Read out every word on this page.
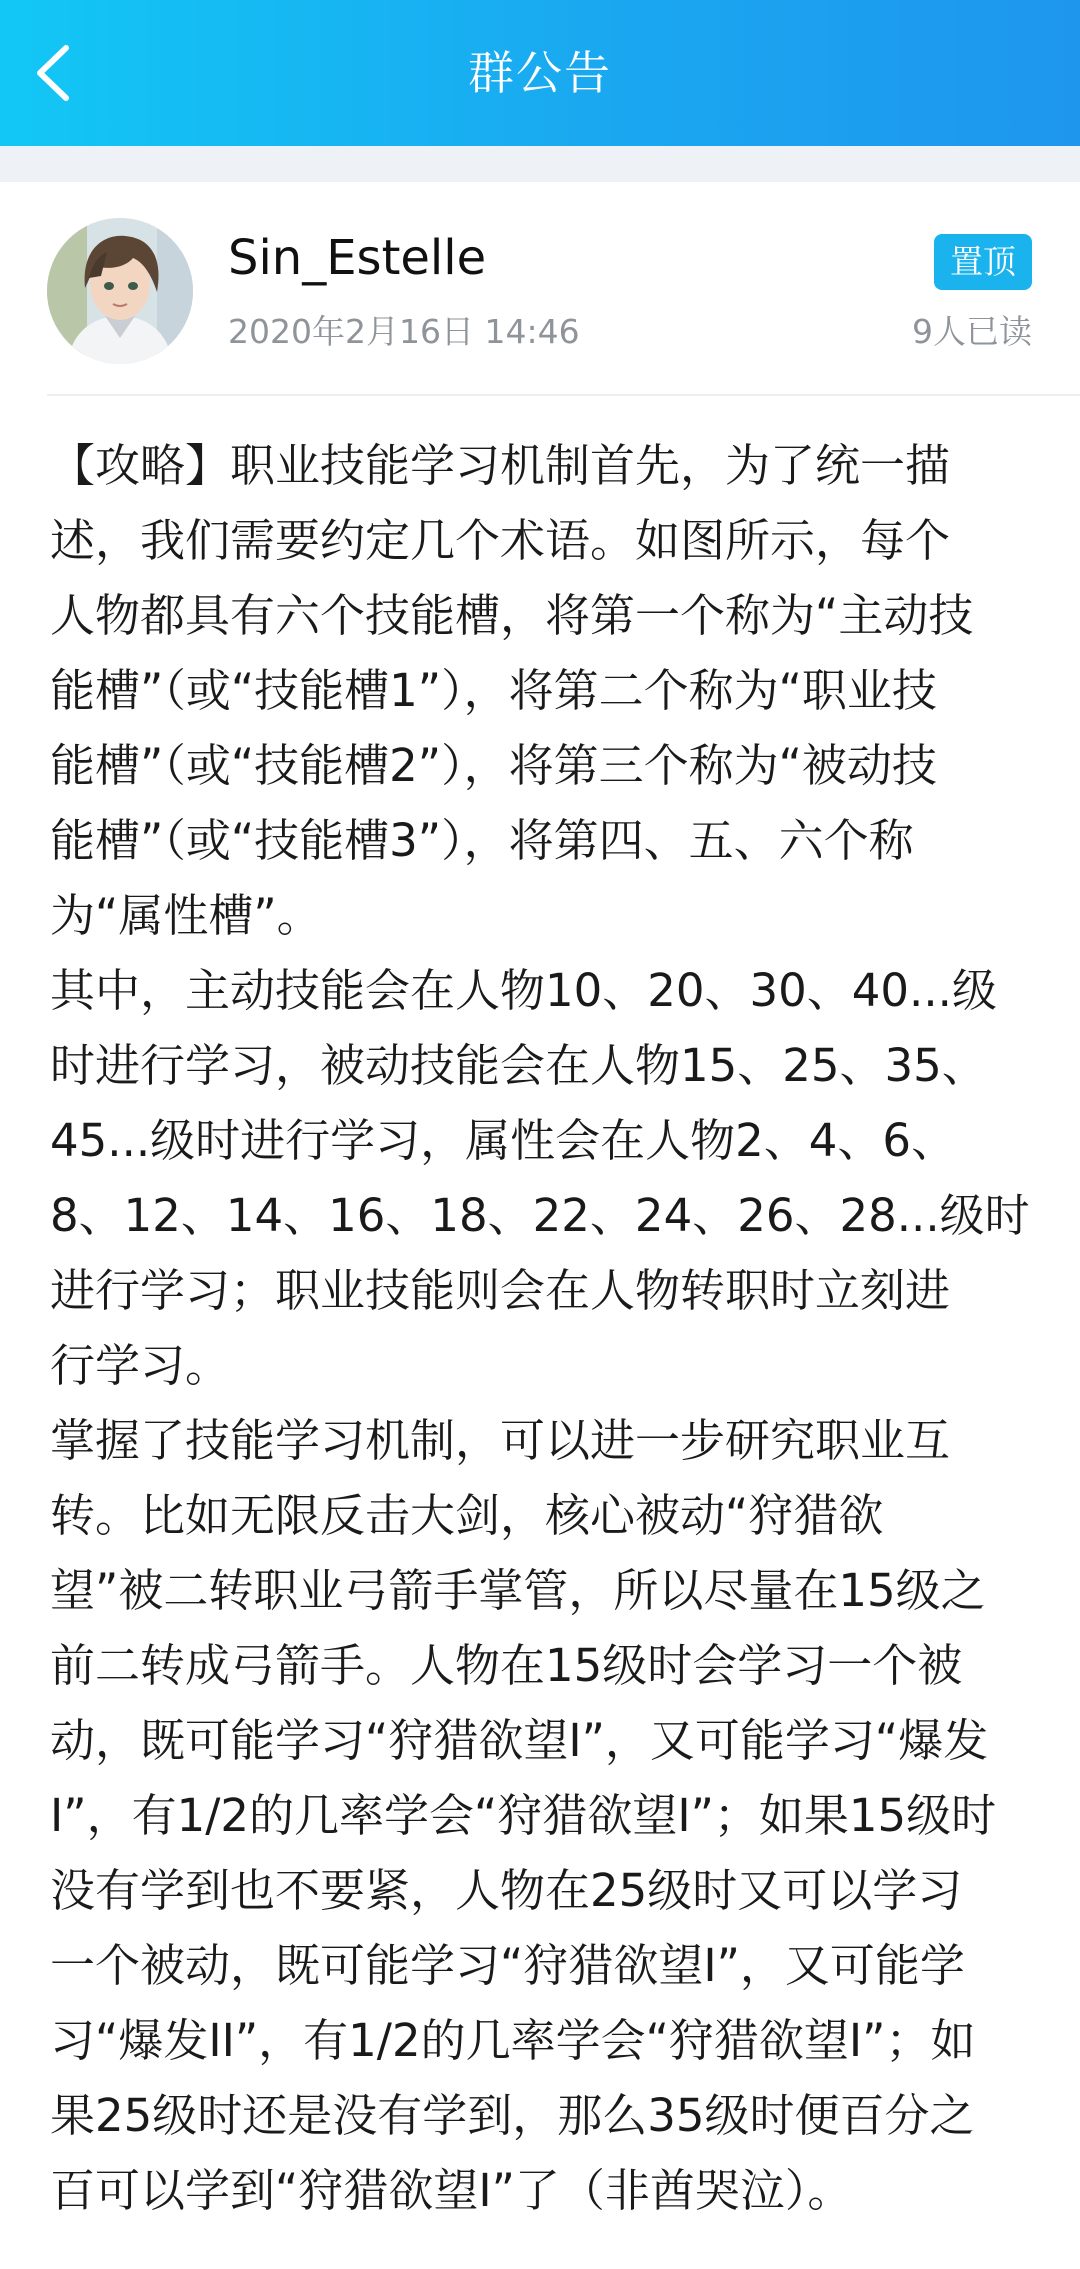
群公告
Sin_Estelle
2020年2月16日 14:46
置顶
9人已读

【攻略】职业技能学习机制首先，为了统一描
述，我们需要约定几个术语。如图所示，每个
人物都具有六个技能槽，将第一个称为“主动技
能槽”（或“技能槽1”），将第二个称为“职业技
能槽”（或“技能槽2”），将第三个称为“被动技
能槽”（或“技能槽3”），将第四、五、六个称
为“属性槽”。

其中，主动技能会在人物10、20、30、40...级
时进行学习，被动技能会在人物15、25、35、
45...级时进行学习，属性会在人物2、4、6、
8、12、14、16、18、22、24、26、28...级时
进行学习；职业技能则会在人物转职时立刻进
行学习。

掌握了技能学习机制，可以进一步研究职业互
转。比如无限反击大剑，核心被动“狩猎欲
望”被二转职业弓箭手掌管，所以尽量在15级之
前二转成弓箭手。人物在15级时会学习一个被
动，既可能学习“狩猎欲望I”，又可能学习“爆发
I”，有1/2的几率学会“狩猎欲望I”；如果15级时
没有学到也不要紧，人物在25级时又可以学习
一个被动，既可能学习“狩猎欲望I”，又可能学
习“爆发II”，有1/2的几率学会“狩猎欲望I”；如
果25级时还是没有学到，那么35级时便百分之
百可以学到“狩猎欲望I”了（非酋哭泣）。
